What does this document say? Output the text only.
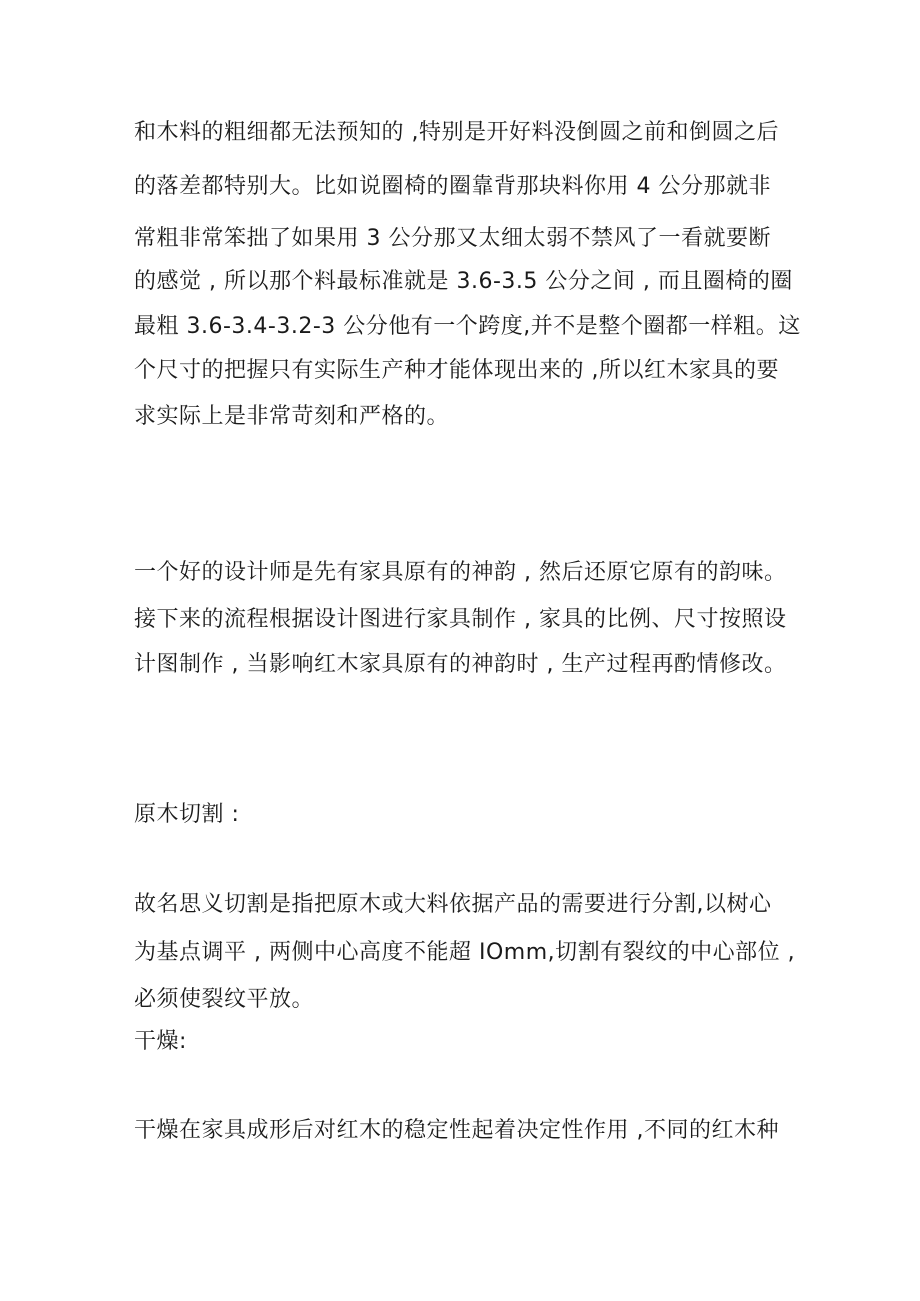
和木料的粗细都无法预知的 ,特别是开好料没倒圆之前和倒圆之后
的落差都特别大。比如说圈椅的圈靠背那块料你用 4 公分那就非
常粗非常笨拙了如果用 3 公分那又太细太弱不禁风了一看就要断
的感觉 , 所以那个料最标准就是 3.6-3.5 公分之间 , 而且圈椅的圈
最粗 3.6-3.4-3.2-3 公分他有一个跨度,并不是整个圈都一样粗。这
个尺寸的把握只有实际生产种才能体现出来的 ,所以红木家具的要
求实际上是非常苛刻和严格的。
一个好的设计师是先有家具原有的神韵 , 然后还原它原有的韵味。
接下来的流程根据设计图进行家具制作 , 家具的比例、尺寸按照设
计图制作 , 当影响红木家具原有的神韵时 , 生产过程再酌情修改。
原木切割 :
故名思义切割是指把原木或大料依据产品的需要进行分割,以树心
为基点调平 , 两侧中心高度不能超 IOmm,切割有裂纹的中心部位 ,
必须使裂纹平放。
干燥:
干燥在家具成形后对红木的稳定性起着决定性作用 ,不同的红木种
